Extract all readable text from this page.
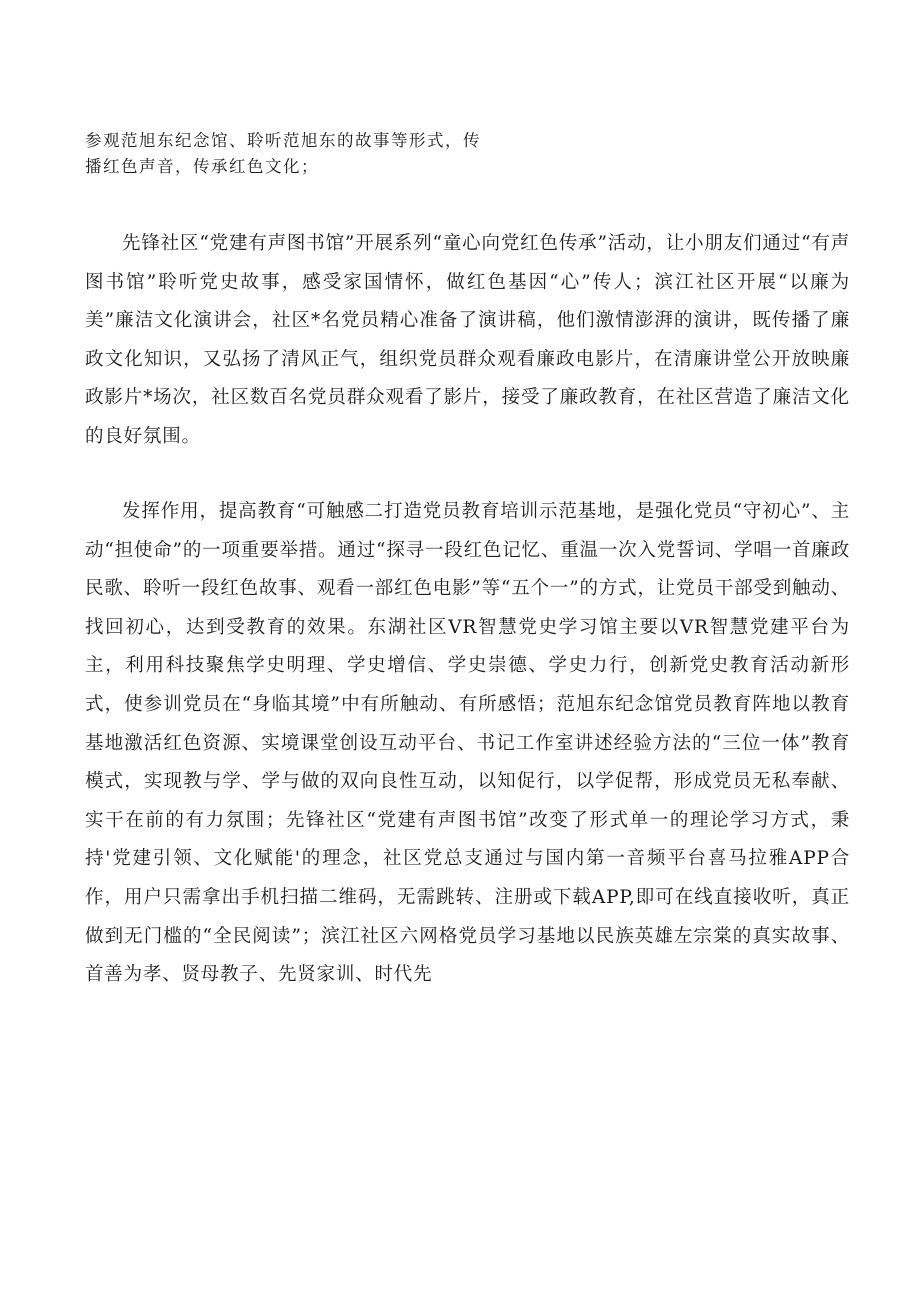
参观范旭东纪念馆、聆听范旭东的故事等形式，传播红色声音，传承红色文化；

先锋社区“党建有声图书馆”开展系列“童心向党红色传承”活动，让小朋友们通过“有声图书馆”聆听党史故事，感受家国情怀，做红色基因“心”传人；滨江社区开展“以廉为美”廉洁文化演讲会，社区*名党员精心准备了演讲稿，他们激情澎湃的演讲，既传播了廉政文化知识，又弘扬了清风正气，组织党员群众观看廉政电影片，在清廉讲堂公开放映廉政影片*场次，社区数百名党员群众观看了影片，接受了廉政教育，在社区营造了廉洁文化的良好氛围。

发挥作用，提高教育“可触感二打造党员教育培训示范基地，是强化党员“守初心”、主动“担使命”的一项重要举措。通过“探寻一段红色记忆、重温一次入党誓词、学唱一首廉政民歌、聆听一段红色故事、观看一部红色电影”等“五个一”的方式，让党员干部受到触动、找回初心，达到受教育的效果。东湖社区VR智慧党史学习馆主要以VR智慧党建平台为主，利用科技聚焦学史明理、学史增信、学史崇德、学史力行，创新党史教育活动新形式，使参训党员在“身临其境”中有所触动、有所感悟；范旭东纪念馆党员教育阵地以教育基地激活红色资源、实境课堂创设互动平台、书记工作室讲述经验方法的“三位一体”教育模式，实现教与学、学与做的双向良性互动，以知促行，以学促帮，形成党员无私奉献、实干在前的有力氛围；先锋社区“党建有声图书馆”改变了形式单一的理论学习方式，秉持'党建引领、文化赋能'的理念，社区党总支通过与国内第一音频平台喜马拉雅APP合作，用户只需拿出手机扫描二维码，无需跳转、注册或下载APP,即可在线直接收听，真正做到无门槛的“全民阅读”；滨江社区六网格党员学习基地以民族英雄左宗棠的真实故事、首善为孝、贤母教子、先贤家训、时代先
